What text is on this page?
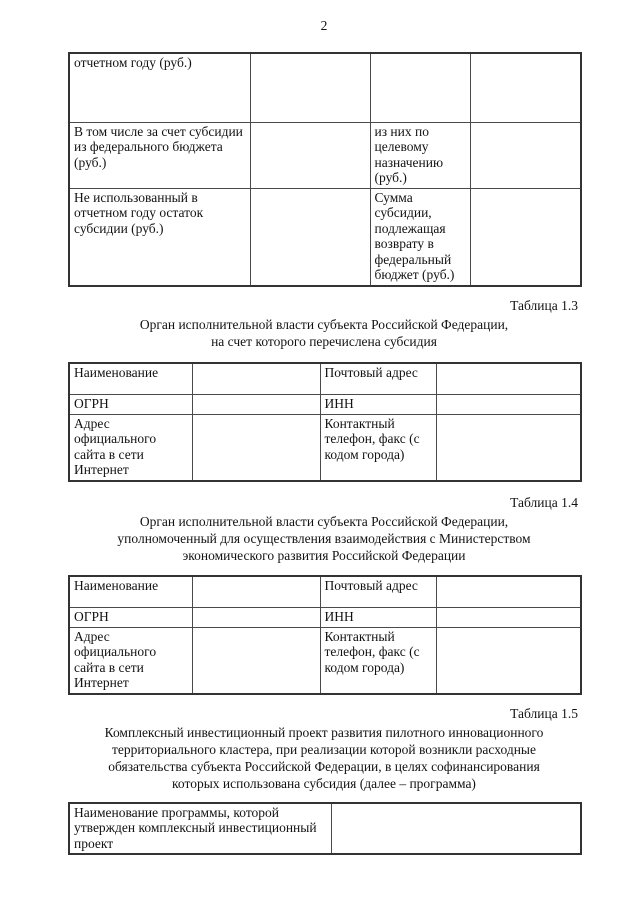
2
отчетном году (руб.)			
В том числе за счет субсидии из федерального бюджета (руб.)		из них по целевому назначению (руб.)	
Не использованный в отчетном году остаток субсидии (руб.)		Сумма субсидии, подлежащая возврату в федеральный бюджет (руб.)	
Таблица 1.3
Орган исполнительной власти субъекта Российской Федерации,
на счет которого перечислена субсидия
Наименование		Почтовый адрес	
ОГРН		ИНН	
Адрес официального сайта в сети Интернет		Контактный телефон, факс (с кодом города)	
Таблица 1.4
Орган исполнительной власти субъекта Российской Федерации,
уполномоченный для осуществления взаимодействия с Министерством
экономического развития Российской Федерации
Наименование		Почтовый адрес	
ОГРН		ИНН	
Адрес официального сайта в сети Интернет		Контактный телефон, факс (с кодом города)	
Таблица 1.5
Комплексный инвестиционный проект развития пилотного инновационного
территориального кластера, при реализации которой возникли расходные
обязательства субъекта Российской Федерации, в целях софинансирования
которых использована субсидия (далее – программа)
Наименование программы, которой утвержден комплексный инвестиционный проект	
